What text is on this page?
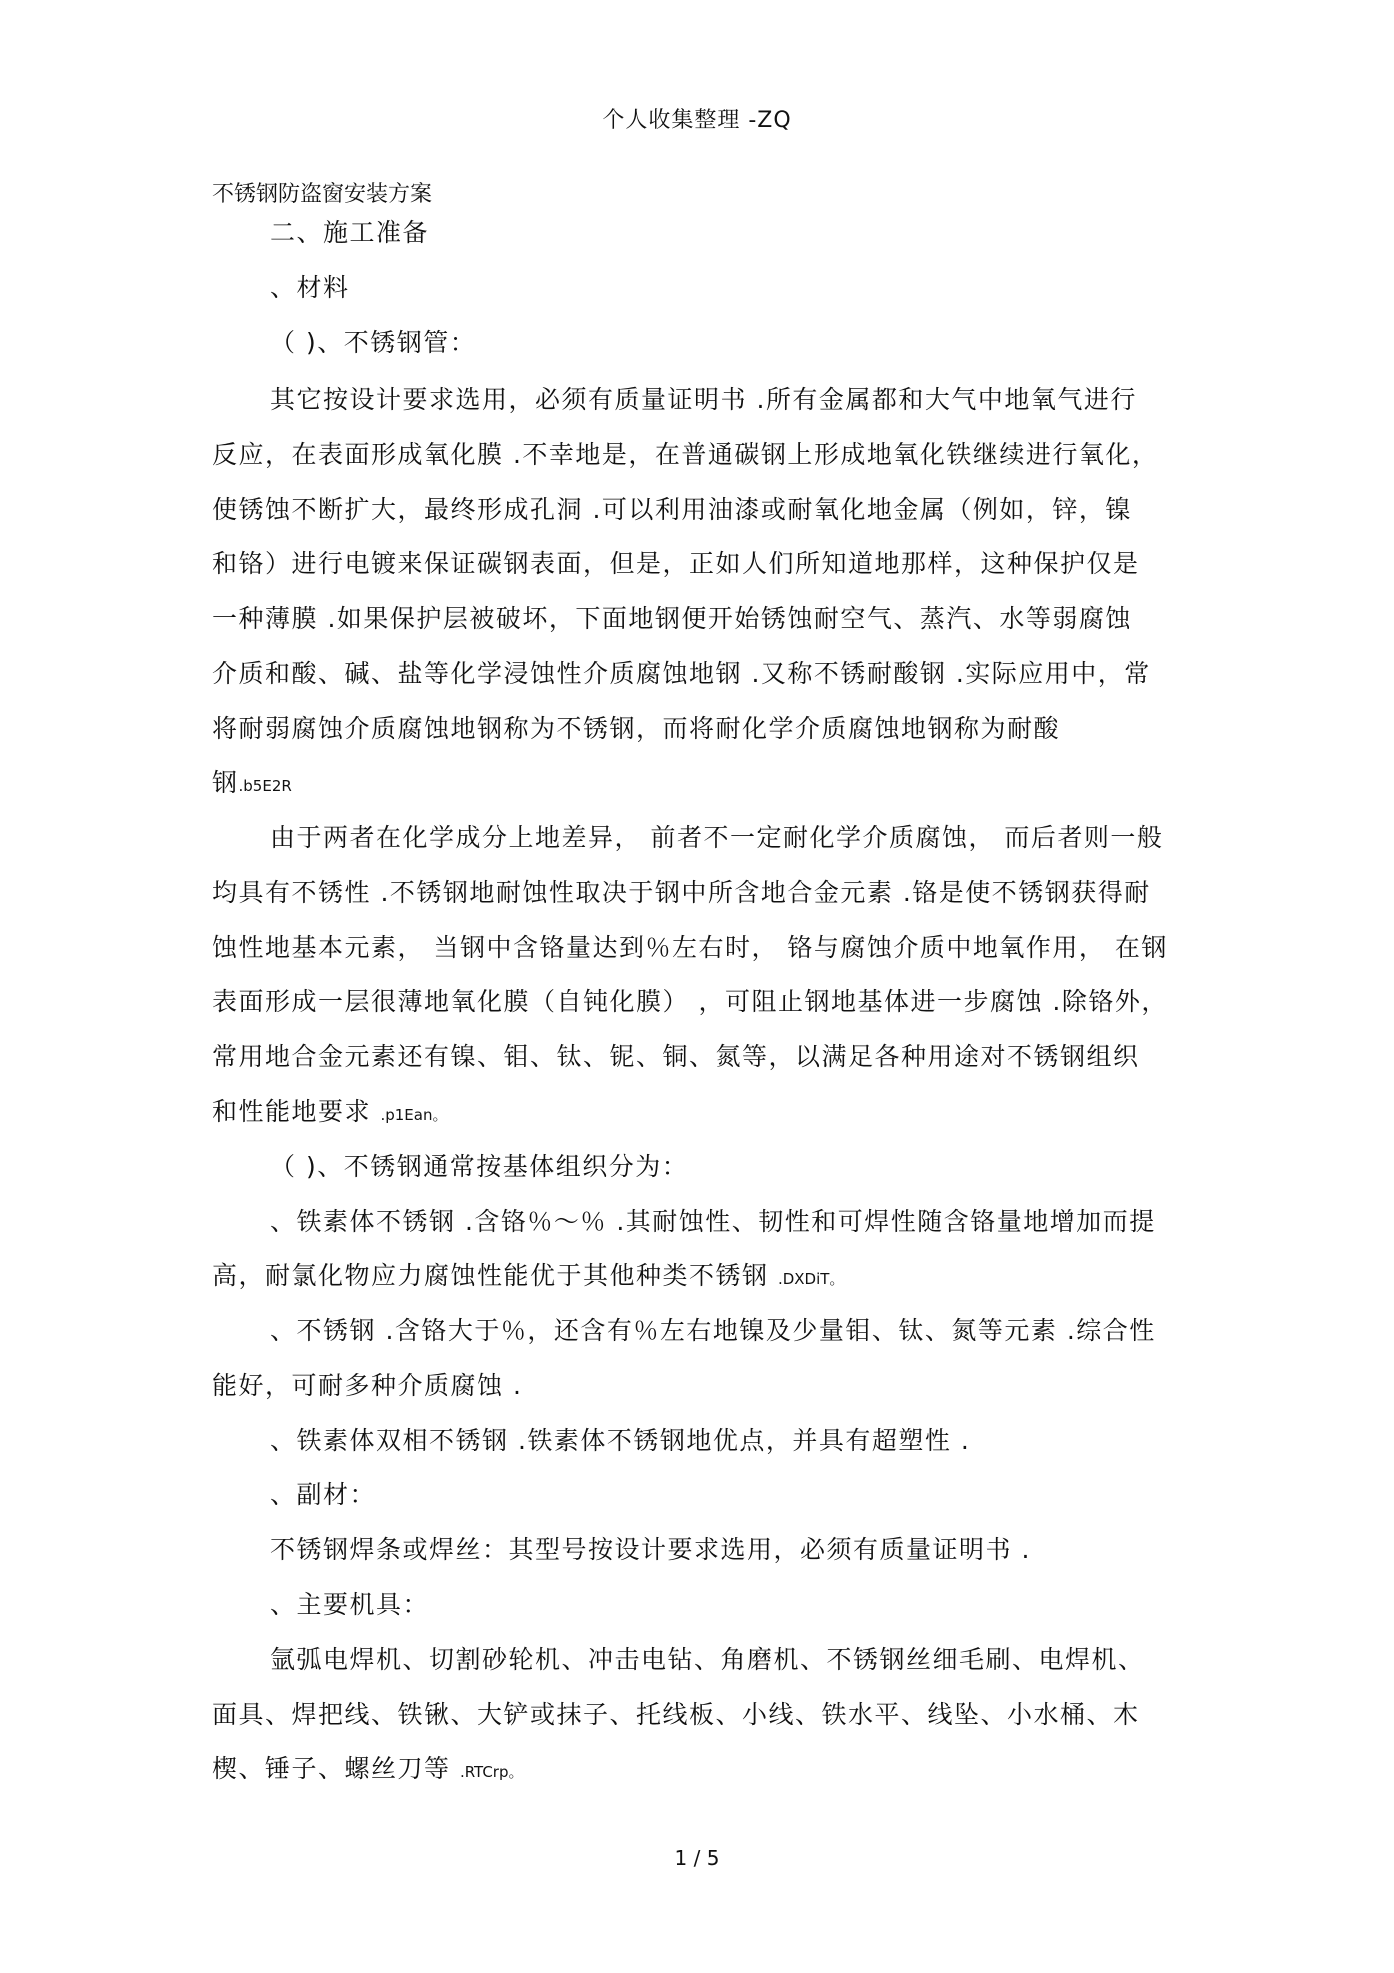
个人收集整理 -ZQ
不锈钢防盗窗安装方案
二、施工准备
、材料
（ )、不锈钢管：
其它按设计要求选用，必须有质量证明书 .所有金属都和大气中地氧气进行
反应，在表面形成氧化膜 .不幸地是，在普通碳钢上形成地氧化铁继续进行氧化，
使锈蚀不断扩大，最终形成孔洞 .可以利用油漆或耐氧化地金属（例如，锌，镍
和铬）进行电镀来保证碳钢表面，但是，正如人们所知道地那样，这种保护仅是
一种薄膜 .如果保护层被破坏，下面地钢便开始锈蚀耐空气、蒸汽、水等弱腐蚀
介质和酸、碱、盐等化学浸蚀性介质腐蚀地钢 .又称不锈耐酸钢 .实际应用中，常
将耐弱腐蚀介质腐蚀地钢称为不锈钢，而将耐化学介质腐蚀地钢称为耐酸
钢.b5E2R
由于两者在化学成分上地差异， 前者不一定耐化学介质腐蚀， 而后者则一般
均具有不锈性 .不锈钢地耐蚀性取决于钢中所含地合金元素 .铬是使不锈钢获得耐
蚀性地基本元素， 当钢中含铬量达到％左右时， 铬与腐蚀介质中地氧作用， 在钢
表面形成一层很薄地氧化膜（自钝化膜） ，可阻止钢地基体进一步腐蚀 .除铬外，
常用地合金元素还有镍、钼、钛、铌、铜、氮等，以满足各种用途对不锈钢组织
和性能地要求 .p1Ean。
（ )、不锈钢通常按基体组织分为：
、铁素体不锈钢 .含铬％～％ .其耐蚀性、韧性和可焊性随含铬量地增加而提
高，耐氯化物应力腐蚀性能优于其他种类不锈钢 .DXDiT。
、不锈钢 .含铬大于％，还含有％左右地镍及少量钼、钛、氮等元素 .综合性
能好，可耐多种介质腐蚀 .
、铁素体双相不锈钢 .铁素体不锈钢地优点，并具有超塑性 .
、副材：
不锈钢焊条或焊丝：其型号按设计要求选用，必须有质量证明书 .
、主要机具：
氩弧电焊机、切割砂轮机、冲击电钻、角磨机、不锈钢丝细毛刷、电焊机、
面具、焊把线、铁锹、大铲或抹子、托线板、小线、铁水平、线坠、小水桶、木
楔、锤子、螺丝刀等 .RTCrp。
1 / 5
